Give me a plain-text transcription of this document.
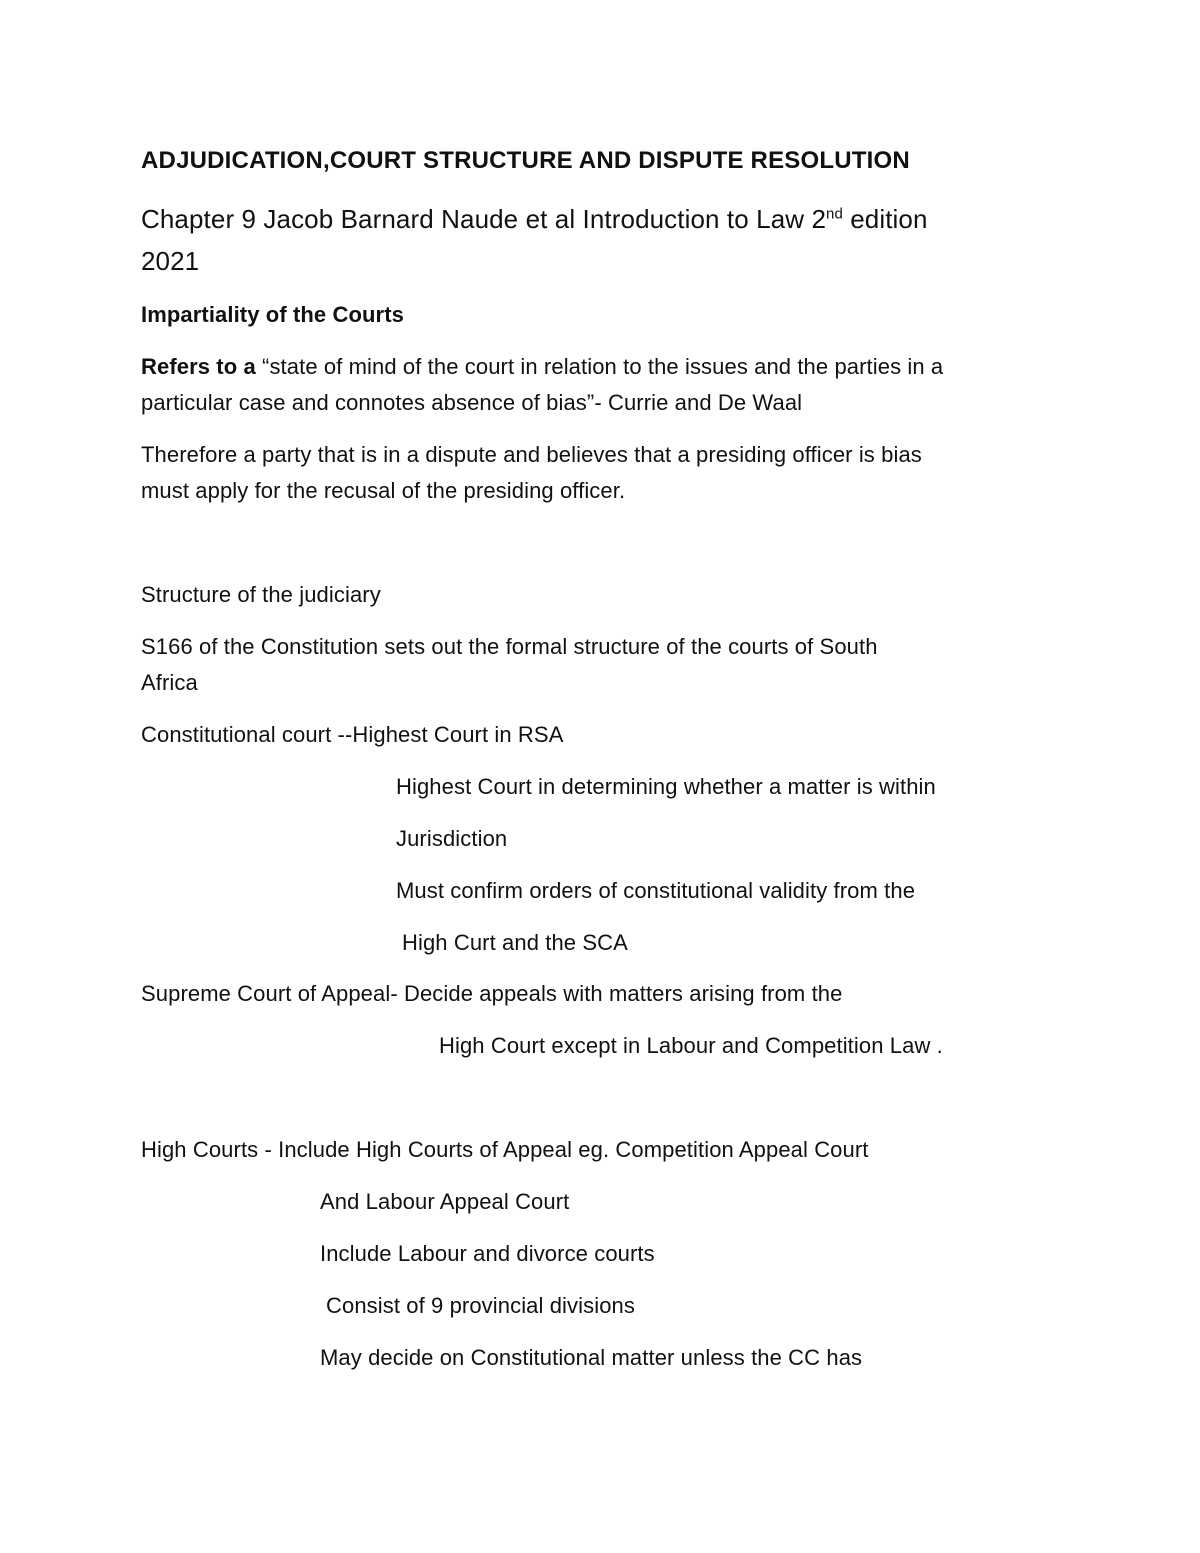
ADJUDICATION,COURT STRUCTURE AND DISPUTE RESOLUTION
Chapter 9 Jacob Barnard Naude et al Introduction to Law 2nd edition
2021
Impartiality of the Courts
Refers to a “state of mind of the court in relation to the issues and the parties in a
particular case and connotes absence of bias”- Currie and De Waal
Therefore a party that is in a dispute and believes that a presiding officer is bias
must apply for the recusal of the presiding officer.
Structure of the judiciary
S166 of the Constitution sets out the formal structure of the courts of South
Africa
Constitutional court --Highest Court in RSA
Highest Court in determining whether a matter is within
Jurisdiction
Must confirm orders of constitutional validity from the
High Curt and the SCA
Supreme Court of Appeal- Decide appeals with matters arising from the
High Court except in Labour and Competition Law .
High Courts - Include High Courts of Appeal eg. Competition Appeal Court
And Labour Appeal Court
Include Labour and divorce courts
Consist of 9 provincial divisions
May decide on Constitutional matter unless the CC has
